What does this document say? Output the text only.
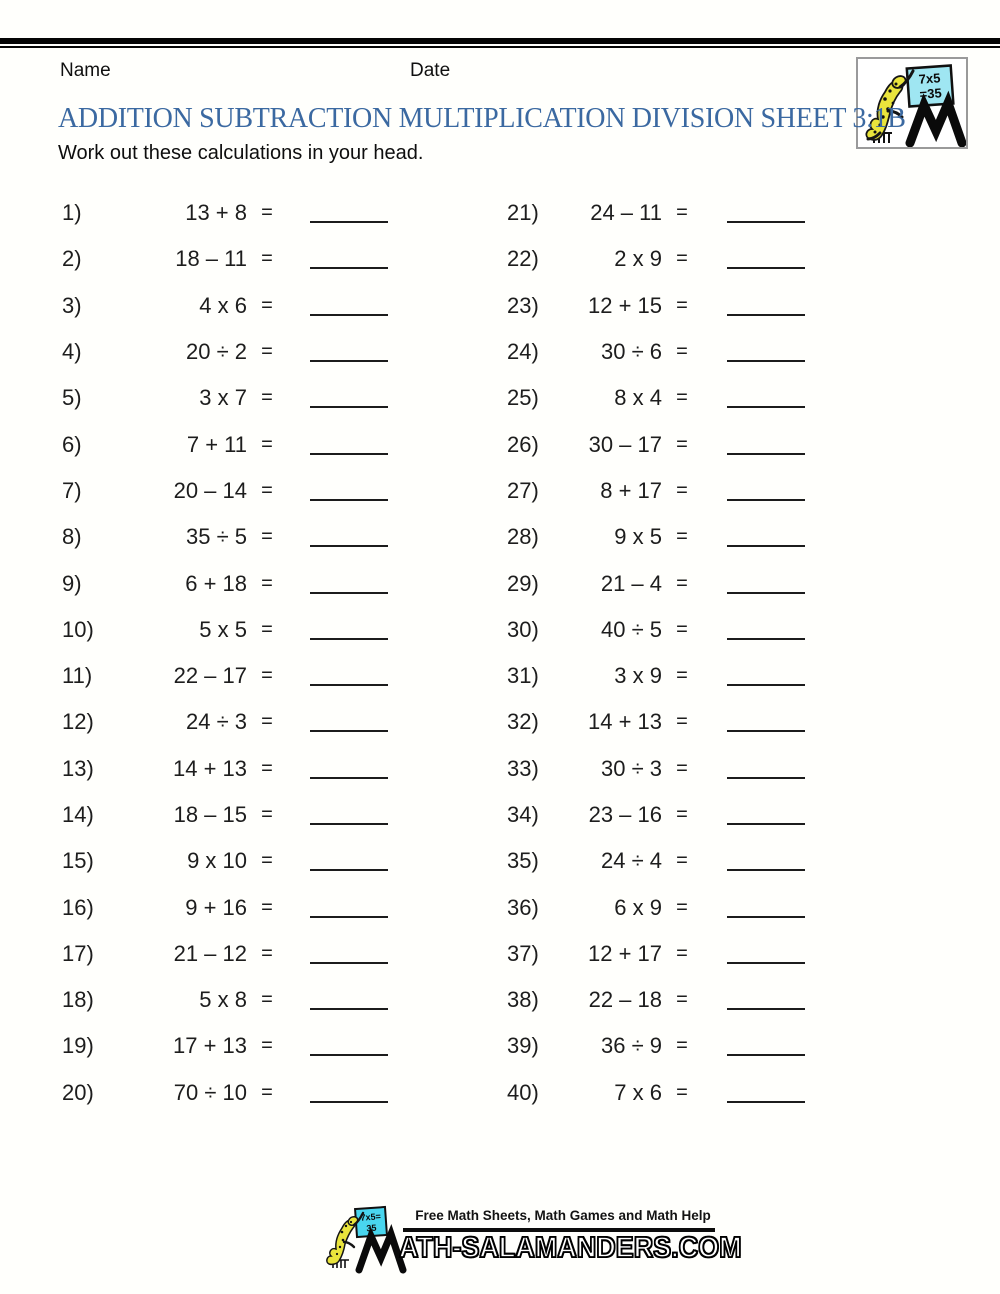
Name	Date	7x5
=35
ADDITION SUBTRACTION MULTIPLICATION DIVISION SHEET 3:1B
Work out these calculations in your head.
1)	13 + 8 =
2)	18 – 11 =
3)	4 x 6 =
4)	20 ÷ 2 =
5)	3 x 7 =
6)	7 + 11 =
7)	20 – 14 =
8)	35 ÷ 5 =
9)	6 + 18 =
10)	5 x 5 =
11)	22 – 17 =
12)	24 ÷ 3 =
13)	14 + 13 =
14)	18 – 15 =
15)	9 x 10 =
16)	9 + 16 =
17)	21 – 12 =
18)	5 x 8 =
19)	17 + 13 =
20)	70 ÷ 10 =
21)	24 – 11 =
22)	2 x 9 =
23)	12 + 15 =
24)	30 ÷ 6 =
25)	8 x 4 =
26)	30 – 17 =
27)	8 + 17 =
28)	9 x 5 =
29)	21 – 4 =
30)	40 ÷ 5 =
31)	3 x 9 =
32)	14 + 13 =
33)	30 ÷ 3 =
34)	23 – 16 =
35)	24 ÷ 4 =
36)	6 x 9 =
37)	12 + 17 =
38)	22 – 18 =
39)	36 ÷ 9 =
40)	7 x 6 =
7x5=
35
Free Math Sheets, Math Games and Math Help
ATH-SALAMANDERS.COM
